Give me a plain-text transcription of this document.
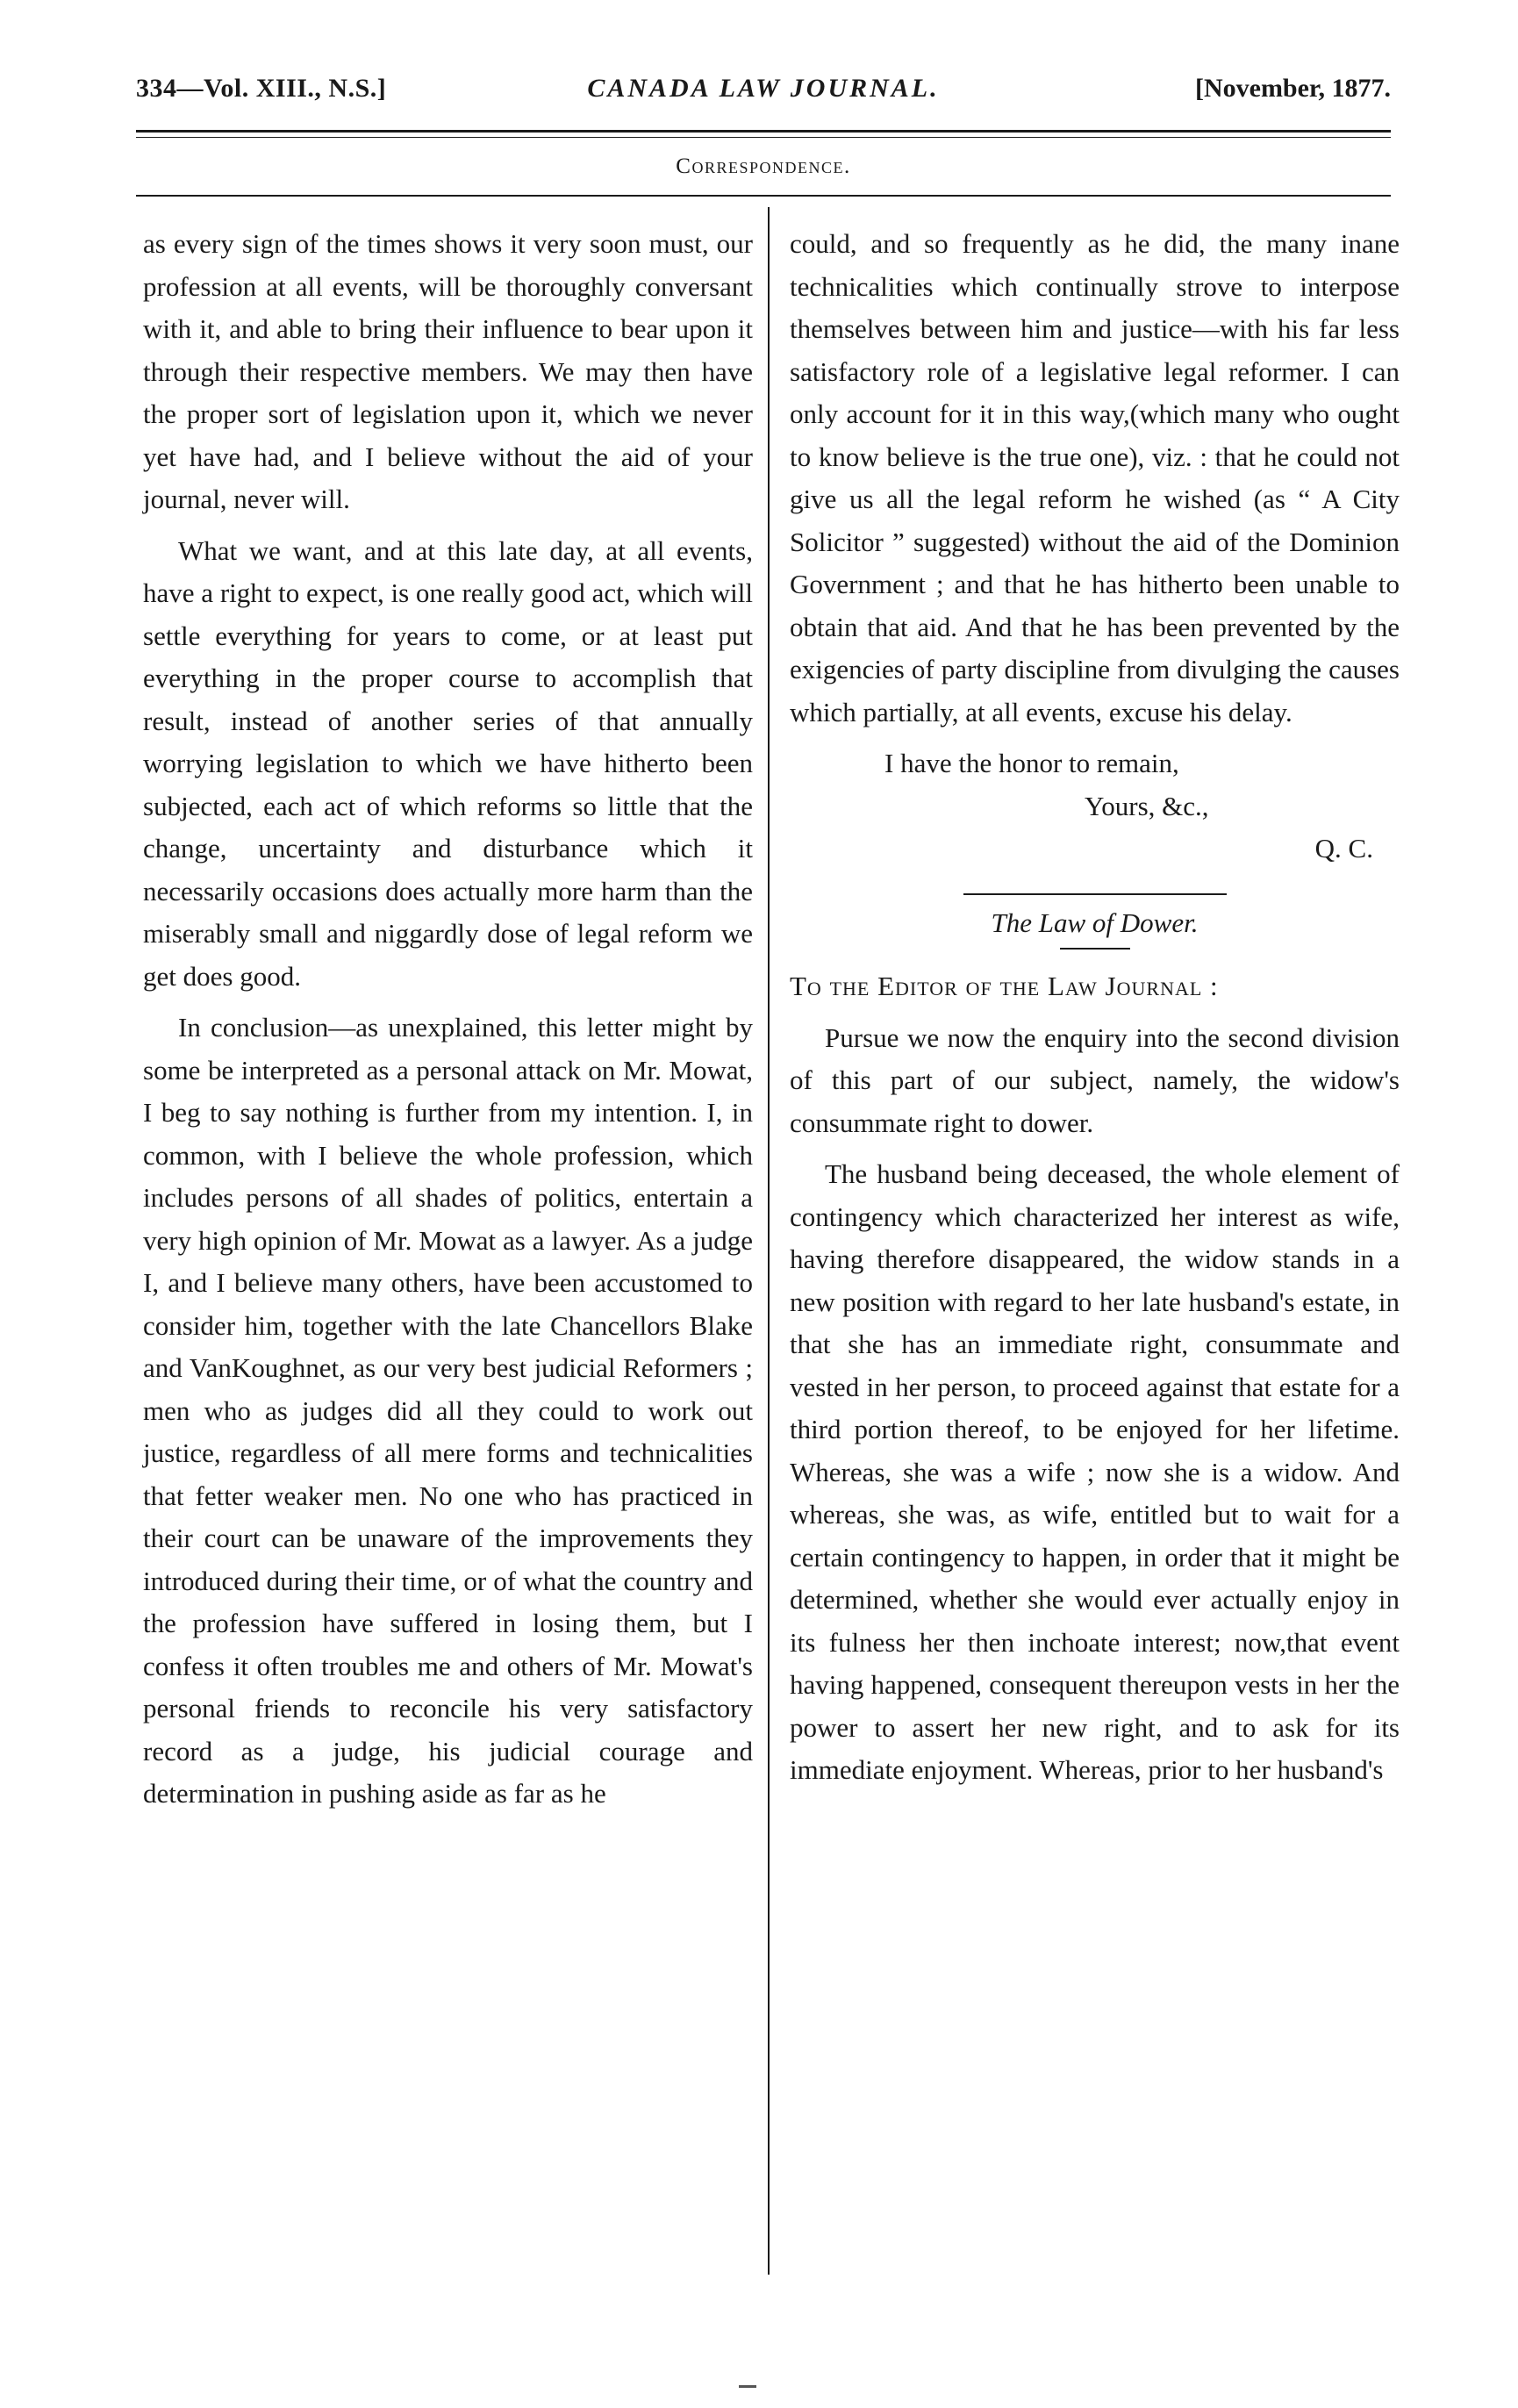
334—Vol. XIII., N.S.]	CANADA LAW JOURNAL.	[November, 1877.
Correspondence.

as every sign of the times shows it very soon must, our profession at all events, will be thoroughly conversant with it, and able to bring their influence to bear upon it through their respective members. We may then have the proper sort of legislation upon it, which we never yet have had, and I believe without the aid of your journal, never will.

What we want, and at this late day, at all events, have a right to expect, is one really good act, which will settle everything for years to come, or at least put everything in the proper course to accomplish that result, instead of another series of that annually worrying legislation to which we have hitherto been subjected, each act of which reforms so little that the change, uncertainty and disturbance which it necessarily occasions does actually more harm than the miserably small and niggardly dose of legal reform we get does good.

In conclusion—as unexplained, this letter might by some be interpreted as a personal attack on Mr. Mowat, I beg to say nothing is further from my intention. I, in common, with I believe the whole profession, which includes persons of all shades of politics, entertain a very high opinion of Mr. Mowat as a lawyer. As a judge I, and I believe many others, have been accustomed to consider him, together with the late Chancellors Blake and VanKoughnet, as our very best judicial Reformers ; men who as judges did all they could to work out justice, regardless of all mere forms and technicalities that fetter weaker men. No one who has practiced in their court can be unaware of the improvements they introduced during their time, or of what the country and the profession have suffered in losing them, but I confess it often troubles me and others of Mr. Mowat's personal friends to reconcile his very satisfactory record as a judge, his judicial courage and determination in pushing aside as far as he

could, and so frequently as he did, the many inane technicalities which continually strove to interpose themselves between him and justice—with his far less satisfactory role of a legislative legal reformer. I can only account for it in this way,(which many who ought to know believe is the true one), viz. : that he could not give us all the legal reform he wished (as “ A City Solicitor ” suggested) without the aid of the Dominion Government ; and that he has hitherto been unable to obtain that aid. And that he has been prevented by the exigencies of party discipline from divulging the causes which partially, at all events, excuse his delay.

I have the honor to remain,
Yours, &c.,
Q. C.
The Law of Dower.

To the Editor of the Law Journal :

Pursue we now the enquiry into the second division of this part of our subject, namely, the widow's consummate right to dower.

The husband being deceased, the whole element of contingency which characterized her interest as wife, having therefore disappeared, the widow stands in a new position with regard to her late husband's estate, in that she has an immediate right, consummate and vested in her person, to proceed against that estate for a third portion thereof, to be enjoyed for her lifetime. Whereas, she was a wife ; now she is a widow. And whereas, she was, as wife, entitled but to wait for a certain contingency to happen, in order that it might be determined, whether she would ever actually enjoy in its fulness her then inchoate interest; now,that event having happened, consequent thereupon vests in her the power to assert her new right, and to ask for its immediate enjoyment. Whereas, prior to her husband's
